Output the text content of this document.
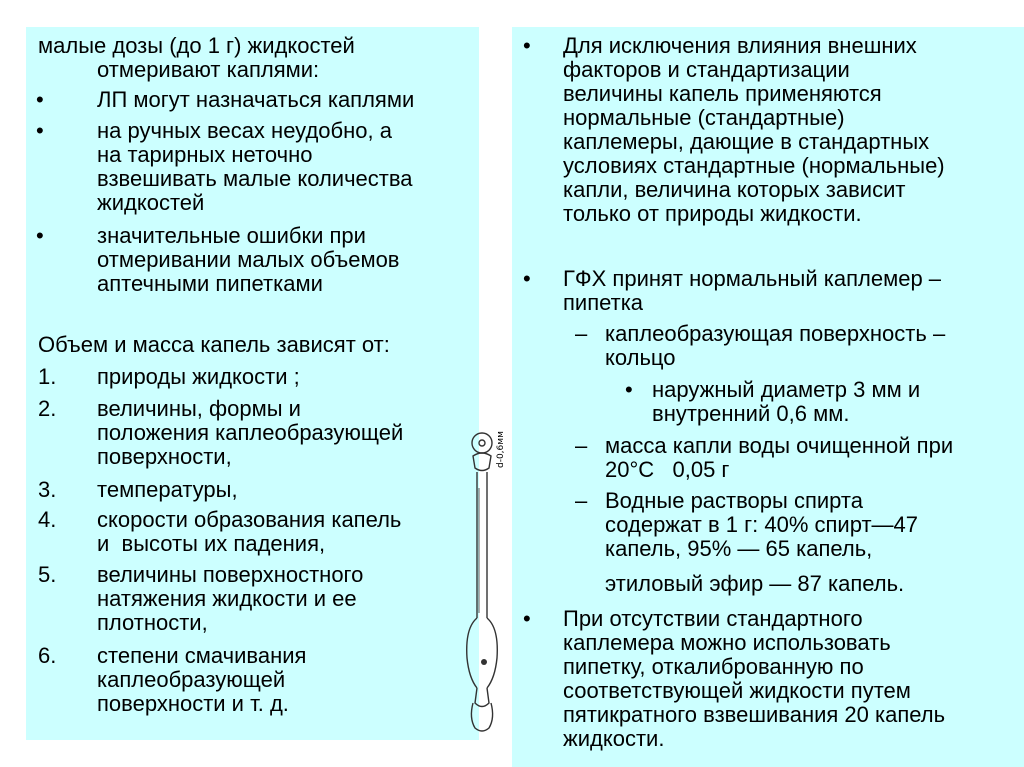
малые дозы (до 1 г) жидкостей
отмеривают каплями:
• ЛП могут назначаться каплями
• на ручных весах неудобно, а
на тарирных неточно
взвешивать малые количества
жидкостей
• значительные ошибки при
отмеривании малых объемов
аптечными пипетками
Объем и масса капель зависят от:
1. природы жидкости ;
2. величины, формы и
положения каплеобразующей
поверхности,
3. температуры,
4. скорости образования капель
и  высоты их падения,
5. величины поверхностного
натяжения жидкости и ее
плотности,
6. степени смачивания
каплеобразующей
поверхности и т. д.
d-0,6мм
• Для исключения влияния внешних
факторов и стандартизации
величины капель применяются
нормальные (стандартные)
каплемеры, дающие в стандартных
условиях стандартные (нормальные)
капли, величина которых зависит
только от природы жидкости.
• ГФХ принят нормальный каплемер –
пипетка
– каплеобразующая поверхность –
кольцо
• наружный диаметр 3 мм и
внутренний 0,6 мм.
– масса капли воды очищенной при
20°С   0,05 г
– Водные растворы спирта
содержат в 1 г: 40% спирт—47
капель, 95% — 65 капель,
этиловый эфир — 87 капель.
• При отсутствии стандартного
каплемера можно использовать
пипетку, откалиброванную по
соответствующей жидкости путем
пятикратного взвешивания 20 капель
жидкости.
